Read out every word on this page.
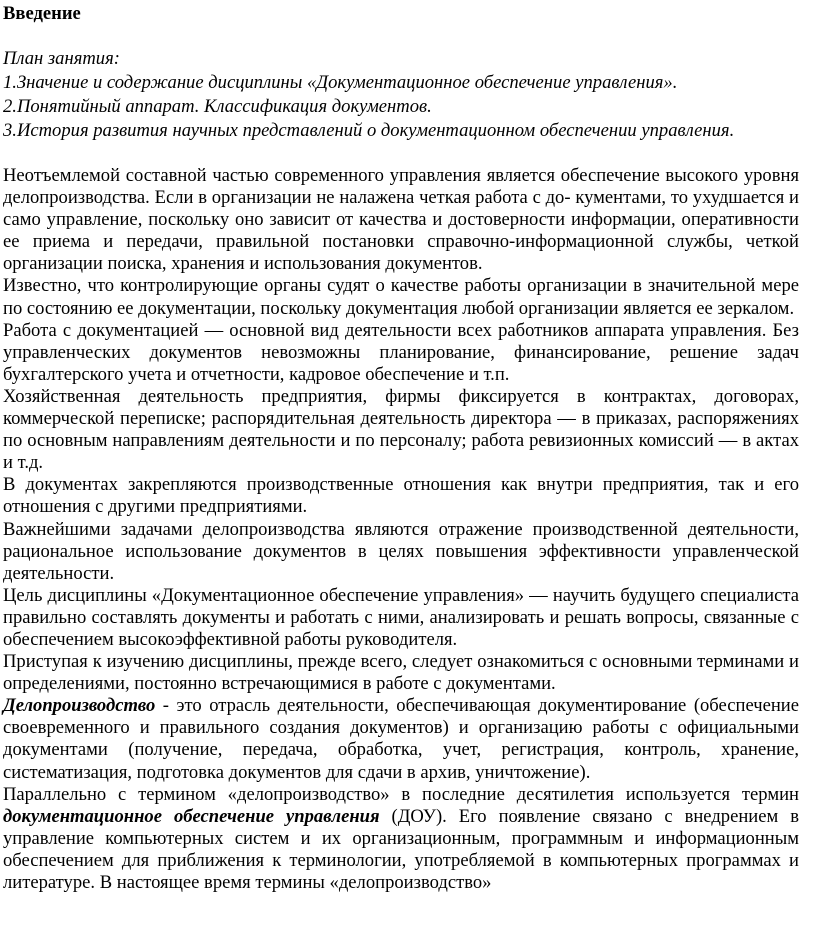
Введение
План занятия:
1.Значение и содержание дисциплины «Документационное обеспечение управления».
2.Понятийный аппарат. Классификация документов.
3.История развития научных представлений о документационном обеспечении управления.

Неотъемлемой составной частью современного управления является обеспечение высокого уровня делопроизводства. Если в организации не налажена четкая работа с до- кументами, то ухудшается и само управление, поскольку оно зависит от качества и достоверности информации, оперативности ее приема и передачи, правильной постановки справочно-информационной службы, четкой организации поиска, хранения и использования документов.

Известно, что контролирующие органы судят о качестве работы организации в значительной мере по состоянию ее документации, поскольку документация любой организации является ее зеркалом.

Работа с документацией — основной вид деятельности всех работников аппарата управления. Без управленческих документов невозможны планирование, финансирование, решение задач бухгалтерского учета и отчетности, кадровое обеспечение и т.п.

Хозяйственная деятельность предприятия, фирмы фиксируется в контрактах, договорах, коммерческой переписке; распорядительная деятельность директора — в приказах, распоряжениях по основным направлениям деятельности и по персоналу; работа ревизионных комиссий — в актах и т.д.

В документах закрепляются производственные отношения как внутри предприятия, так и его отношения с другими предприятиями.

Важнейшими задачами делопроизводства являются отражение производственной деятельности, рациональное использование документов в целях повышения эффективности управленческой деятельности.

Цель дисциплины «Документационное обеспечение управления» — научить будущего специалиста правильно составлять документы и работать с ними, анализировать и решать вопросы, связанные с обеспечением высокоэффективной работы руководителя.

Приступая к изучению дисциплины, прежде всего, следует ознакомиться с основными терминами и определениями, постоянно встречающимися в работе с документами.

Делопроизводство - это отрасль деятельности, обеспечивающая документирование (обеспечение своевременного и правильного создания документов) и организацию работы с официальными документами (получение, передача, обработка, учет, регистрация, контроль, хранение, систематизация, подготовка документов для сдачи в архив, уничтожение).

Параллельно с термином «делопроизводство» в последние десятилетия используется термин документационное обеспечение управления (ДОУ). Его появление связано с внедрением в управление компьютерных систем и их организационным, программным и информационным обеспечением для приближения к терминологии, употребляемой в компьютерных программах и литературе. В настоящее время термины «делопроизводство»
